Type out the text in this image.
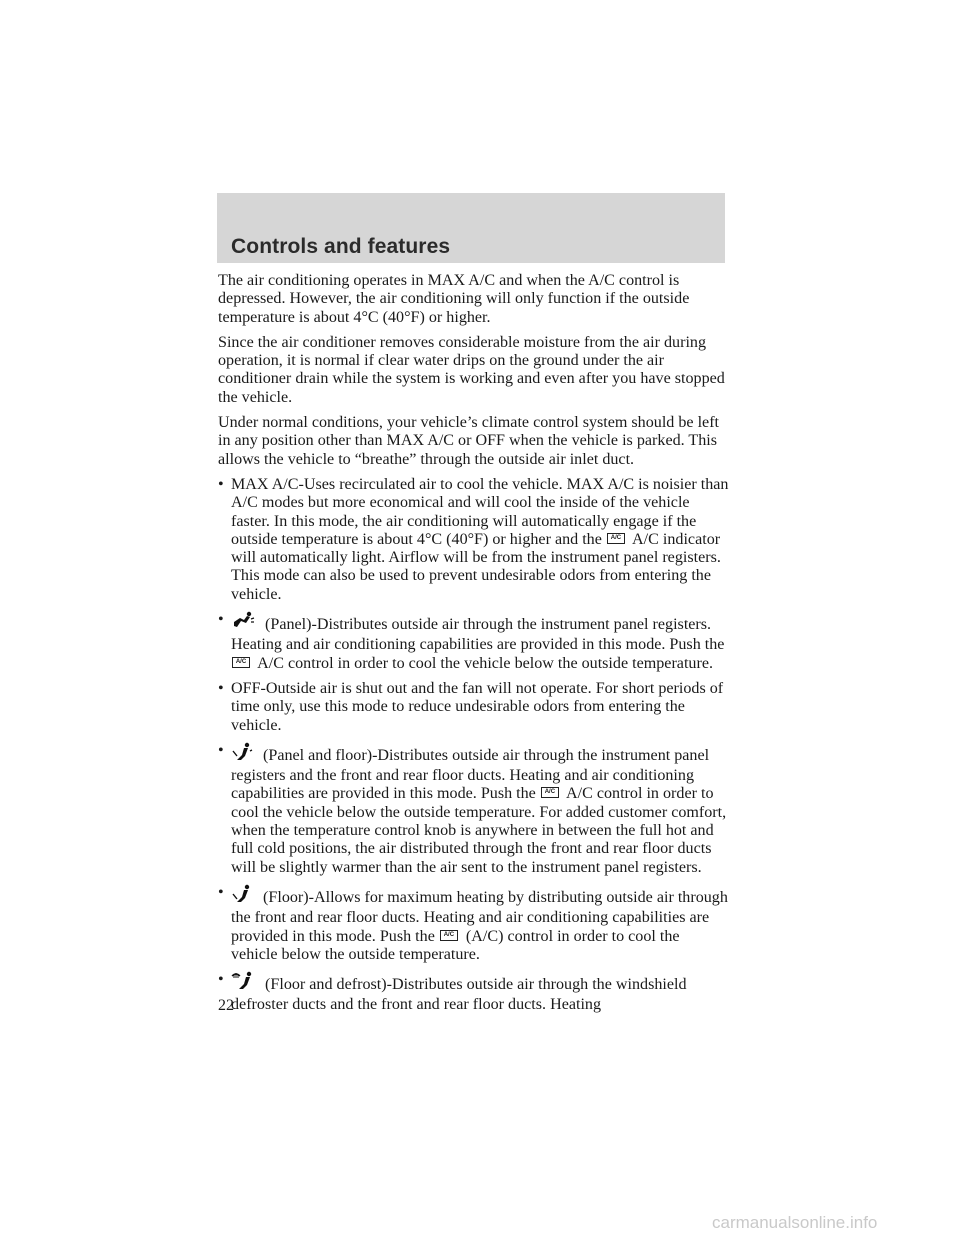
Controls and features

The air conditioning operates in MAX A/C and when the A/C control is depressed. However, the air conditioning will only function if the outside temperature is about 4°C (40°F) or higher.

Since the air conditioner removes considerable moisture from the air during operation, it is normal if clear water drips on the ground under the air conditioner drain while the system is working and even after you have stopped the vehicle.

Under normal conditions, your vehicle’s climate control system should be left in any position other than MAX A/C or OFF when the vehicle is parked. This allows the vehicle to “breathe” through the outside air inlet duct.

• MAX A/C-Uses recirculated air to cool the vehicle. MAX A/C is noisier than A/C modes but more economical and will cool the inside of the vehicle faster. In this mode, the air conditioning will automatically engage if the outside temperature is about 4°C (40°F) or higher and the A/C A/C indicator will automatically light. Airflow will be from the instrument panel registers. This mode can also be used to prevent undesirable odors from entering the vehicle.
•	(Panel)-Distributes outside air through the instrument panel registers. Heating and air conditioning capabilities are provided in this mode. Push the A/C A/C control in order to cool the vehicle below the outside temperature.
• OFF-Outside air is shut out and the fan will not operate. For short periods of time only, use this mode to reduce undesirable odors from entering the vehicle.
• (Panel and floor)-Distributes outside air through the instrument panel registers and the front and rear floor ducts. Heating and air conditioning capabilities are provided in this mode. Push the A/C A/C control in order to cool the vehicle below the outside temperature. For added customer comfort, when the temperature control knob is anywhere in between the full hot and full cold positions, the air distributed through the front and rear floor ducts will be slightly warmer than the air sent to the instrument panel registers.
• (Floor)-Allows for maximum heating by distributing outside air through the front and rear floor ducts. Heating and air conditioning capabilities are provided in this mode. Push the A/C (A/C) control in order to cool the vehicle below the outside temperature.
•	(Floor and defrost)-Distributes outside air through the windshield defroster ducts and the front and rear floor ducts. Heating
22
carmanualsonline.info
